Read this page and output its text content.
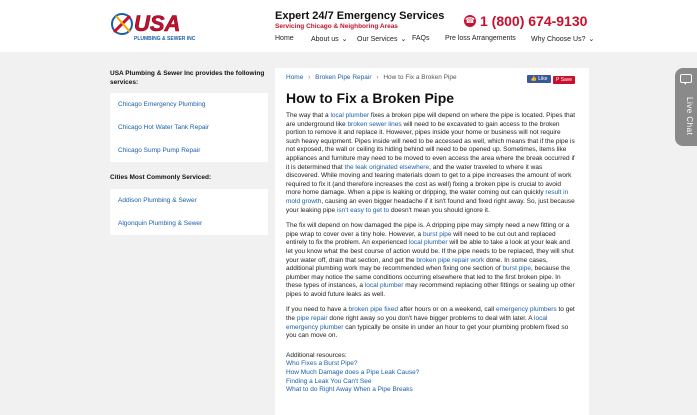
USA
PLUMBING & SEWER INC
Expert 24/7 Emergency Services
Servicing Chicago & Neighboring Areas
☎ 1 (800) 674-9130
Home About us ⌄ Our Services ⌄ FAQs Pre loss Arrangements Why Choose Us? ⌄
USA Plumbing & Sewer Inc provides the following services:
Chicago Emergency Plumbing
Chicago Hot Water Tank Repair
Chicago Sump Pump Repair
Cities Most Commonly Serviced:
Addison Plumbing & Sewer
Algonquin Plumbing & Sewer
Home › Broken Pipe Repair › How to Fix a Broken Pipe	👍 Like	P Save
How to Fix a Broken Pipe

The way that a local plumber fixes a broken pipe will depend on where the pipe is located. Pipes that are underground like broken sewer lines will need to be excavated to gain access to the broken portion to remove it and replace it. However, pipes inside your home or business will not require such heavy equipment. Pipes inside will need to be accessed as well, which means that if the pipe is not exposed, the wall or ceiling its hiding behind will need to be opened up. Sometimes, items like appliances and furniture may need to be moved to even access the area where the break occurred if it is determined that the leak originated elsewhere, and the water traveled to where it was discovered. While moving and tearing materials down to get to a pipe increases the amount of work required to fix it (and therefore increases the cost as well) fixing a broken pipe is crucial to avoid more home damage. When a pipe is leaking or dripping, the water coming out can quickly result in mold growth, causing an even bigger headache if it isn't found and fixed right away. So, just because your leaking pipe isn't easy to get to doesn't mean you should ignore it.

The fix will depend on how damaged the pipe is. A dripping pipe may simply need a new fitting or a pipe wrap to cover over a tiny hole. However, a burst pipe will need to be cut out and replaced entirely to fix the problem. An experienced local plumber will be able to take a look at your leak and let you know what the best course of action would be. If the pipe needs to be replaced, they will shut your water off, drain that section, and get the broken pipe repair work done. In some cases, additional plumbing work may be recommended when fixing one section of burst pipe, because the plumber may notice the same conditions occurring elsewhere that led to the first broken pipe. In these types of instances, a local plumber may recommend replacing other fittings or sealing up other pipes to avoid future leaks as well.

If you need to have a broken pipe fixed after hours or on a weekend, call emergency plumbers to get the pipe repair done right away so you don't have bigger problems to deal with later. A local emergency plumber can typically be onsite in under an hour to get your plumbing problem fixed so you can move on.

Additional resources:
Who Fixes a Burst Pipe?
How Much Damage does a Pipe Leak Cause?
Finding a Leak You Can't See
What to do Right Away When a Pipe Breaks
Live Chat
